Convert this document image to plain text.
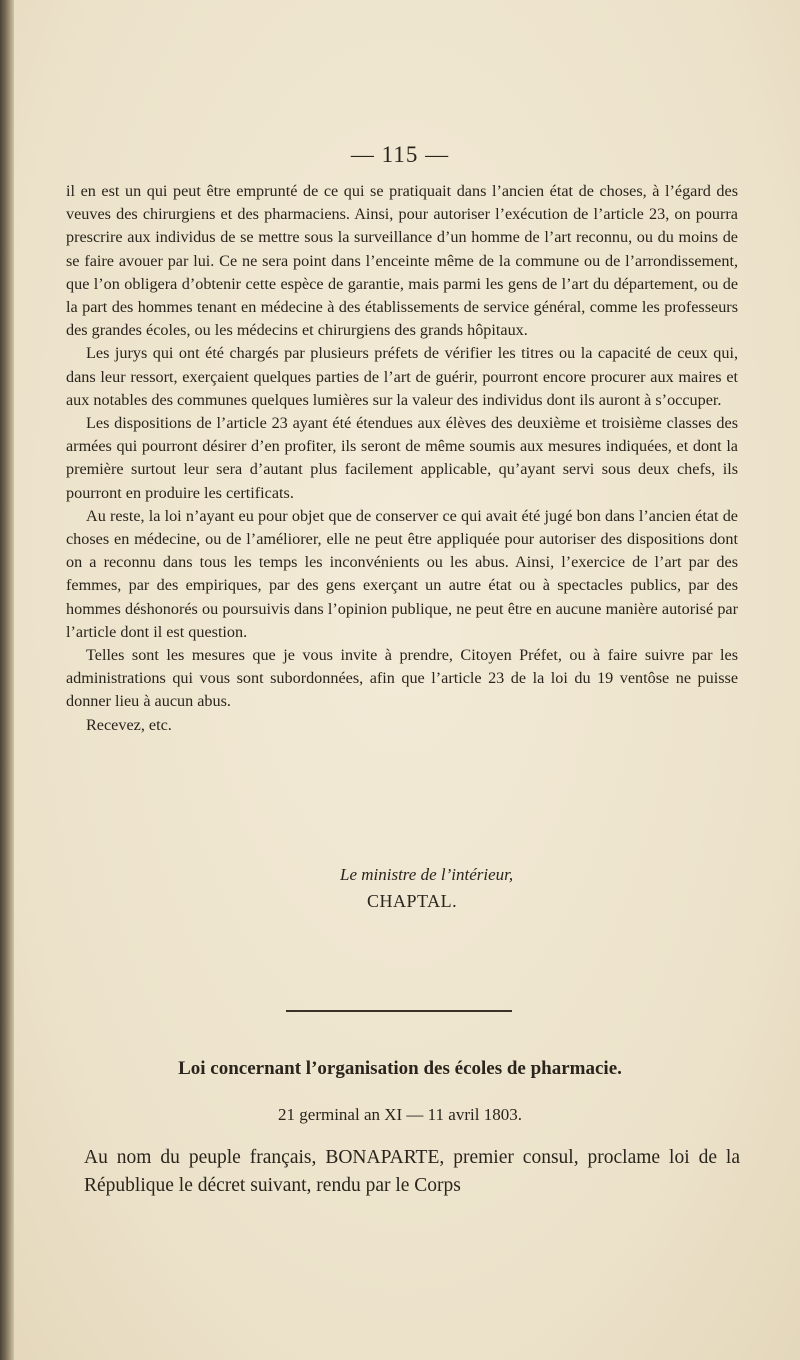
— 115 —

il en est un qui peut être emprunté de ce qui se pratiquait dans l’ancien état de choses, à l’égard des veuves des chirurgiens et des pharmaciens. Ainsi, pour autoriser l’exécution de l’article 23, on pourra prescrire aux individus de se mettre sous la surveillance d’un homme de l’art reconnu, ou du moins de se faire avouer par lui. Ce ne sera point dans l’enceinte même de la commune ou de l’arrondissement, que l’on obligera d’obtenir cette espèce de garantie, mais parmi les gens de l’art du département, ou de la part des hommes tenant en médecine à des établissements de service général, comme les professeurs des grandes écoles, ou les médecins et chirurgiens des grands hôpitaux.

Les jurys qui ont été chargés par plusieurs préfets de vérifier les titres ou la capacité de ceux qui, dans leur ressort, exerçaient quelques parties de l’art de guérir, pourront encore procurer aux maires et aux notables des communes quelques lumières sur la valeur des individus dont ils auront à s’occuper.

Les dispositions de l’article 23 ayant été étendues aux élèves des deuxième et troisième classes des armées qui pourront désirer d’en profiter, ils seront de même soumis aux mesures indiquées, et dont la première surtout leur sera d’autant plus facilement applicable, qu’ayant servi sous deux chefs, ils pourront en produire les certificats.

Au reste, la loi n’ayant eu pour objet que de conserver ce qui avait été jugé bon dans l’ancien état de choses en médecine, ou de l’améliorer, elle ne peut être appliquée pour autoriser des dispositions dont on a reconnu dans tous les temps les inconvénients ou les abus. Ainsi, l’exercice de l’art par des femmes, par des empiriques, par des gens exerçant un autre état ou à spectacles publics, par des hommes déshonorés ou poursuivis dans l’opinion publique, ne peut être en aucune manière autorisé par l’article dont il est question.

Telles sont les mesures que je vous invite à prendre, Citoyen Préfet, ou à faire suivre par les administrations qui vous sont subordonnées, afin que l’article 23 de la loi du 19 ventôse ne puisse donner lieu à aucun abus.

Recevez, etc.

Le ministre de l’intérieur,
CHAPTAL.
Loi concernant l’organisation des écoles de pharmacie.
21 germinal an XI — 11 avril 1803.

Au nom du peuple français, BONAPARTE, premier consul, proclame loi de la République le décret suivant, rendu par le Corps
